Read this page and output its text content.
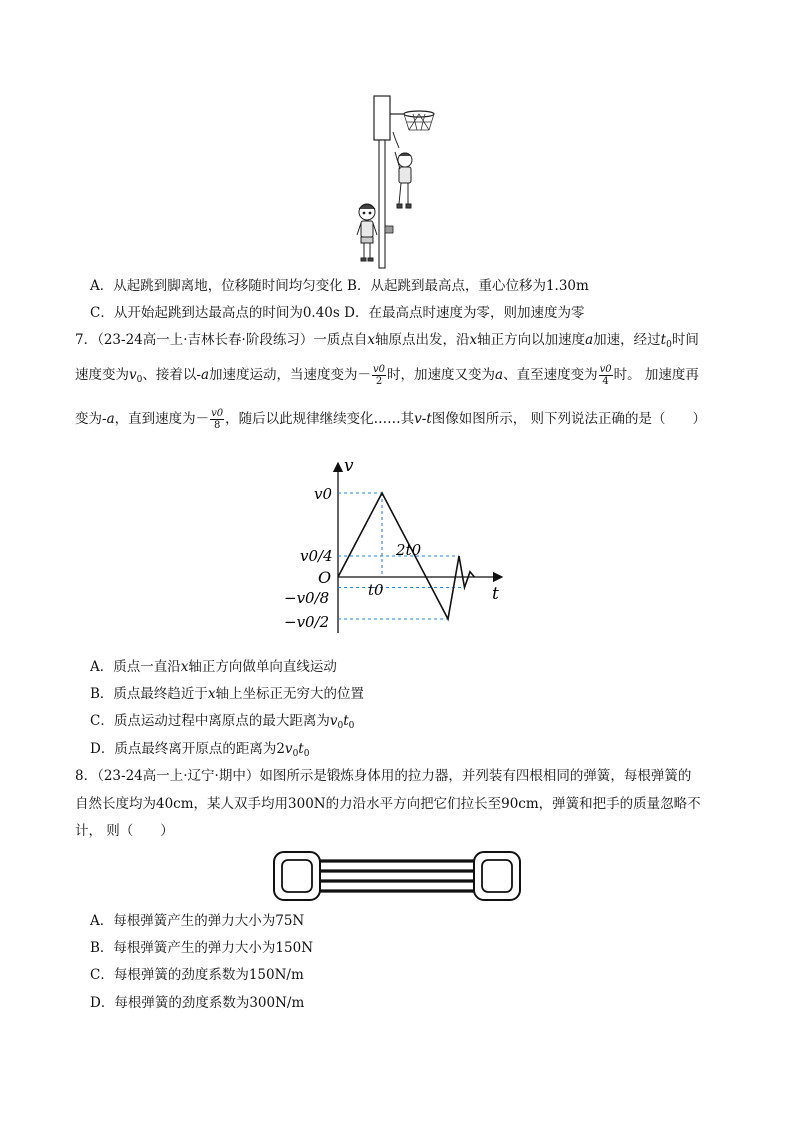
A．从起跳到脚离地，位移随时间均匀变化 B．从起跳到最高点，重心位移为1.30m
C．从开始起跳到达最高点的时间为0.40s D．在最高点时速度为零，则加速度为零
7．（23-24高一上·吉林长春·阶段练习）一质点自x轴原点出发，沿x轴正方向以加速度a加速，经过$t_0$时间
速度变为$v_0$、接着以-a加速度运动，当速度变为－ $\frac{v0}{2}$ 时，加速度又变为a、直至速度变为 $\frac{v0}{4}$ 时。 加速度再
变为-a，直到速度为－ $\frac{v0}{8}$ ，随后以此规律继续变化……其v-t图像如图所示， 则下列说法正确的是（　　）
v
t
O
v0
v0/4
−v0/8
−v0/2
t0
2t0
A．质点一直沿x轴正方向做单向直线运动
B．质点最终趋近于x轴上坐标正无穷大的位置
C．质点运动过程中离原点的最大距离为$v_0t_0$
D．质点最终离开原点的距离为$2v_0t_0$
8．（23-24高一上·辽宁·期中）如图所示是锻炼身体用的拉力器，并列装有四根相同的弹簧，每根弹簧的
自然长度均为40cm，某人双手均用300N的力沿水平方向把它们拉长至90cm，弹簧和把手的质量忽略不
计， 则（　　）
A．每根弹簧产生的弹力大小为75N
B．每根弹簧产生的弹力大小为150N
C．每根弹簧的劲度系数为150N/m
D．每根弹簧的劲度系数为300N/m
